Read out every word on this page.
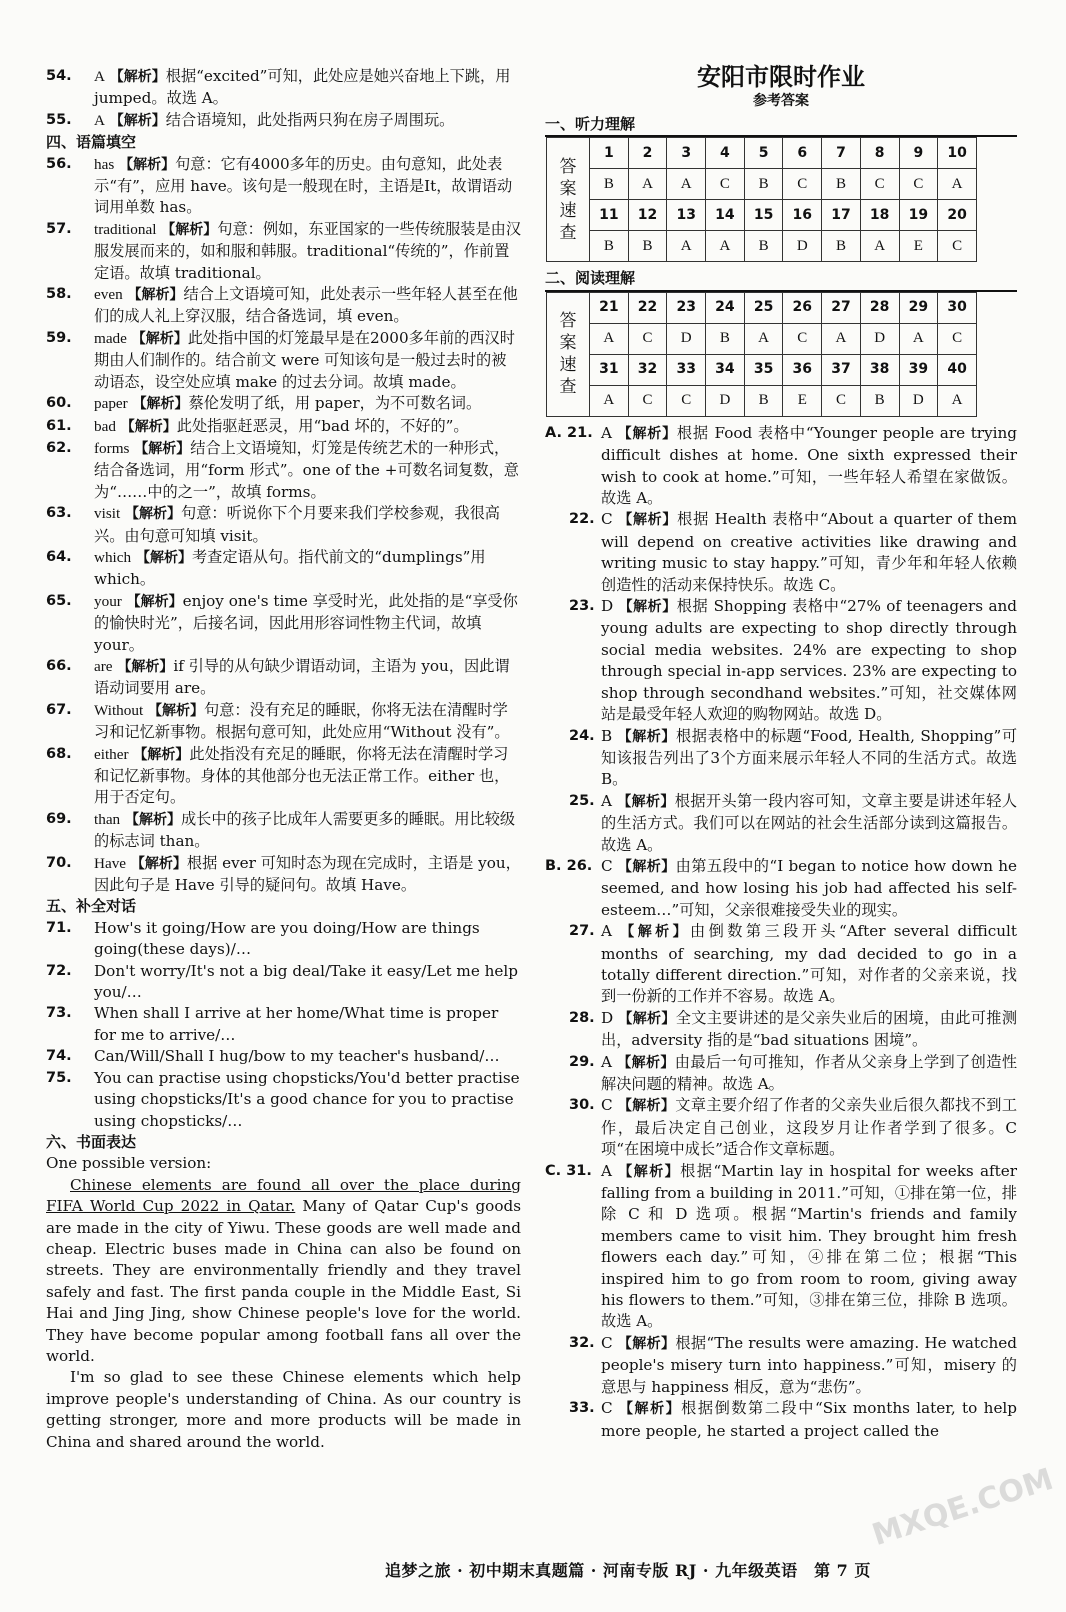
54. A 【解析】根据“excited”可知，此处应是她兴奋地上下跳，用 jumped。故选 A。

55. A 【解析】结合语境知，此处指两只狗在房子周围玩。

四、语篇填空

56. has 【解析】句意：它有4000多年的历史。由句意知，此处表示“有”，应用 have。该句是一般现在时，主语是It，故谓语动词用单数 has。

57. traditional 【解析】句意：例如，东亚国家的一些传统服装是由汉服发展而来的，如和服和韩服。traditional“传统的”，作前置定语。故填 traditional。

58. even 【解析】结合上文语境可知，此处表示一些年轻人甚至在他们的成人礼上穿汉服，结合备选词，填 even。

59. made 【解析】此处指中国的灯笼最早是在2000多年前的西汉时期由人们制作的。结合前文 were 可知该句是一般过去时的被动语态，设空处应填 make 的过去分词。故填 made。

60. paper 【解析】蔡伦发明了纸，用 paper，为不可数名词。

61. bad 【解析】此处指驱赶恶灵，用“bad 坏的，不好的”。

62. forms 【解析】结合上文语境知，灯笼是传统艺术的一种形式，结合备选词，用“form 形式”。one of the +可数名词复数，意为“……中的之一”，故填 forms。

63. visit 【解析】句意：听说你下个月要来我们学校参观，我很高兴。由句意可知填 visit。

64. which 【解析】考查定语从句。指代前文的“dumplings”用 which。

65. your 【解析】enjoy one's time 享受时光，此处指的是“享受你的愉快时光”，后接名词，因此用形容词性物主代词，故填 your。

66. are 【解析】if 引导的从句缺少谓语动词，主语为 you，因此谓语动词要用 are。

67. Without 【解析】句意：没有充足的睡眠，你将无法在清醒时学习和记忆新事物。根据句意可知，此处应用“Without 没有”。

68. either 【解析】此处指没有充足的睡眠，你将无法在清醒时学习和记忆新事物。身体的其他部分也无法正常工作。either 也，用于否定句。

69. than 【解析】成长中的孩子比成年人需要更多的睡眠。用比较级的标志词 than。

70. Have 【解析】根据 ever 可知时态为现在完成时，主语是 you，因此句子是 Have 引导的疑问句。故填 Have。

五、补全对话

71. How's it going/How are you doing/How are things going(these days)/…

72. Don't worry/It's not a big deal/Take it easy/Let me help you/…

73. When shall I arrive at her home/What time is proper for me to arrive/…

74. Can/Will/Shall I hug/bow to my teacher's husband/…

75. You can practise using chopsticks/You'd better practise using chopsticks/It's a good chance for you to practise using chopsticks/…

六、书面表达

One possible version:

Chinese elements are found all over the place during FIFA World Cup 2022 in Qatar. Many of Qatar Cup's goods are made in the city of Yiwu. These goods are well made and cheap. Electric buses made in China can also be found on streets. They are environmentally friendly and they travel safely and fast. The first panda couple in the Middle East, Si Hai and Jing Jing, show Chinese people's love for the world. They have become popular among football fans all over the world.

I'm so glad to see these Chinese elements which help improve people's understanding of China. As our country is getting stronger, more and more products will be made in China and shared around the world.

安阳市限时作业

参考答案

一、听力理解

答
案
速
查	1	2	3	4	5	6	7	8	9	10
	B	A	A	C	B	C	B	C	C	A
	11	12	13	14	15	16	17	18	19	20
	B	B	A	A	B	D	B	A	E	C

二、阅读理解

答
案
速
查	21	22	23	24	25	26	27	28	29	30
	A	C	D	B	A	C	A	D	A	C
	31	32	33	34	35	36	37	38	39	40
	A	C	C	D	B	E	C	B	D	A

A. 21. A 【解析】根据 Food 表格中“Younger people are trying difficult dishes at home. One sixth expressed their wish to cook at home.”可知，一些年轻人希望在家做饭。故选 A。

22. C 【解析】根据 Health 表格中“About a quarter of them will depend on creative activities like drawing and writing music to stay happy.”可知，青少年和年轻人依赖创造性的活动来保持快乐。故选 C。

23. D 【解析】根据 Shopping 表格中“27% of teenagers and young adults are expecting to shop directly through social media websites. 24% are expecting to shop through special in-app services. 23% are expecting to shop through secondhand websites.”可知，社交媒体网站是最受年轻人欢迎的购物网站。故选 D。

24. B 【解析】根据表格中的标题“Food, Health, Shopping”可知该报告列出了3个方面来展示年轻人不同的生活方式。故选 B。

25. A 【解析】根据开头第一段内容可知，文章主要是讲述年轻人的生活方式。我们可以在网站的社会生活部分读到这篇报告。故选 A。

B. 26. C 【解析】由第五段中的“I began to notice how down he seemed, and how losing his job had affected his self-esteem…”可知，父亲很难接受失业的现实。

27. A 【解析】由倒数第三段开头“After several difficult months of searching, my dad decided to go in a totally different direction.”可知，对作者的父亲来说，找到一份新的工作并不容易。故选 A。

28. D 【解析】全文主要讲述的是父亲失业后的困境，由此可推测出，adversity 指的是“bad situations 困境”。

29. A 【解析】由最后一句可推知，作者从父亲身上学到了创造性解决问题的精神。故选 A。

30. C 【解析】文章主要介绍了作者的父亲失业后很久都找不到工作，最后决定自己创业，这段岁月让作者学到了很多。C 项“在困境中成长”适合作文章标题。

C. 31. A 【解析】根据“Martin lay in hospital for weeks after falling from a building in 2011.”可知，①排在第一位，排除 C 和 D 选项。根据“Martin's friends and family members came to visit him. They brought him fresh flowers each day.”可知，④排在第二位；根据“This inspired him to go from room to room, giving away his flowers to them.”可知，③排在第三位，排除 B 选项。故选 A。

32. C 【解析】根据“The results were amazing. He watched people's misery turn into happiness.”可知，misery 的意思与 happiness 相反，意为“悲伤”。

33. C 【解析】根据倒数第二段中“Six months later, to help more people, he started a project called the

追梦之旅 · 初中期末真题篇 · 河南专版 RJ · 九年级英语　第 7 页
MXQE.COM
